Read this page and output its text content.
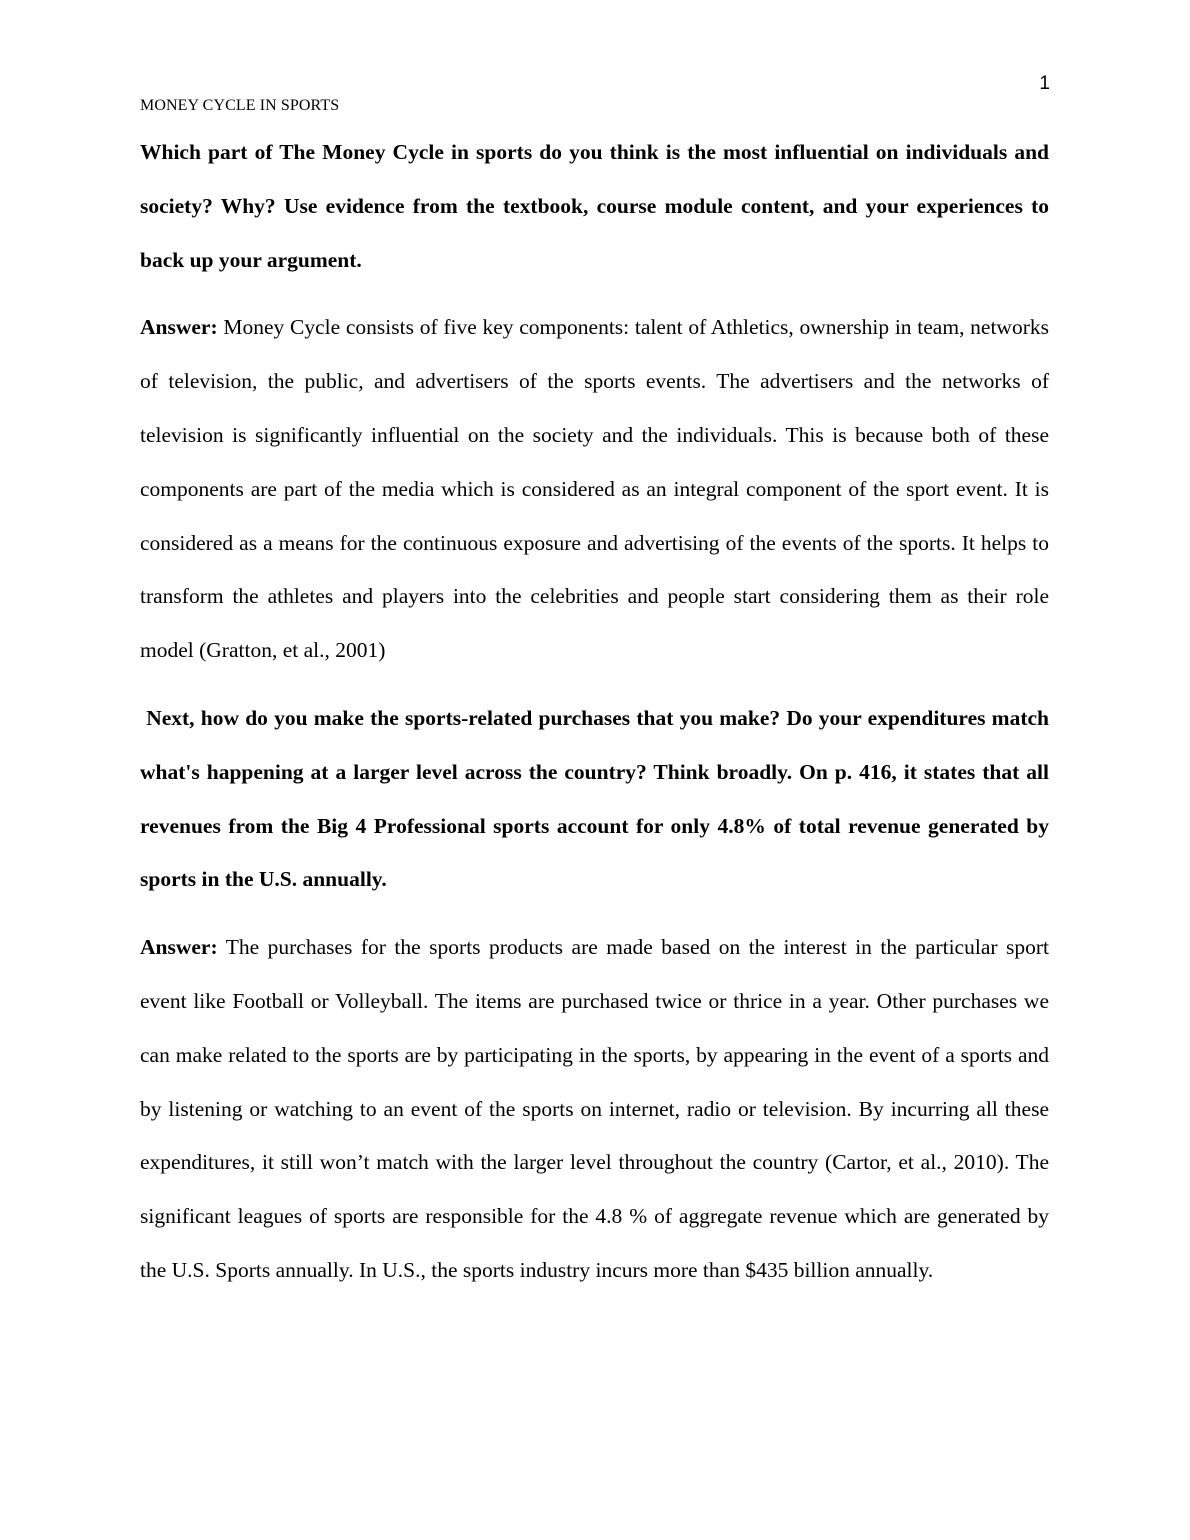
1
MONEY CYCLE IN SPORTS

Which part of The Money Cycle in sports do you think is the most influential on individuals and society? Why? Use evidence from the textbook, course module content, and your experiences to back up your argument.

Answer: Money Cycle consists of five key components: talent of Athletics, ownership in team, networks of television, the public, and advertisers of the sports events. The advertisers and the networks of television is significantly influential on the society and the individuals. This is because both of these components are part of the media which is considered as an integral component of the sport event. It is considered as a means for the continuous exposure and advertising of the events of the sports. It helps to transform the athletes and players into the celebrities and people start considering them as their role model (Gratton, et al., 2001)

Next, how do you make the sports-related purchases that you make? Do your expenditures match what's happening at a larger level across the country? Think broadly. On p. 416, it states that all revenues from the Big 4 Professional sports account for only 4.8% of total revenue generated by sports in the U.S. annually.

Answer: The purchases for the sports products are made based on the interest in the particular sport event like Football or Volleyball. The items are purchased twice or thrice in a year. Other purchases we can make related to the sports are by participating in the sports, by appearing in the event of a sports and by listening or watching to an event of the sports on internet, radio or television. By incurring all these expenditures, it still won’t match with the larger level throughout the country (Cartor, et al., 2010). The significant leagues of sports are responsible for the 4.8 % of aggregate revenue which are generated by the U.S. Sports annually. In U.S., the sports industry incurs more than $435 billion annually.
